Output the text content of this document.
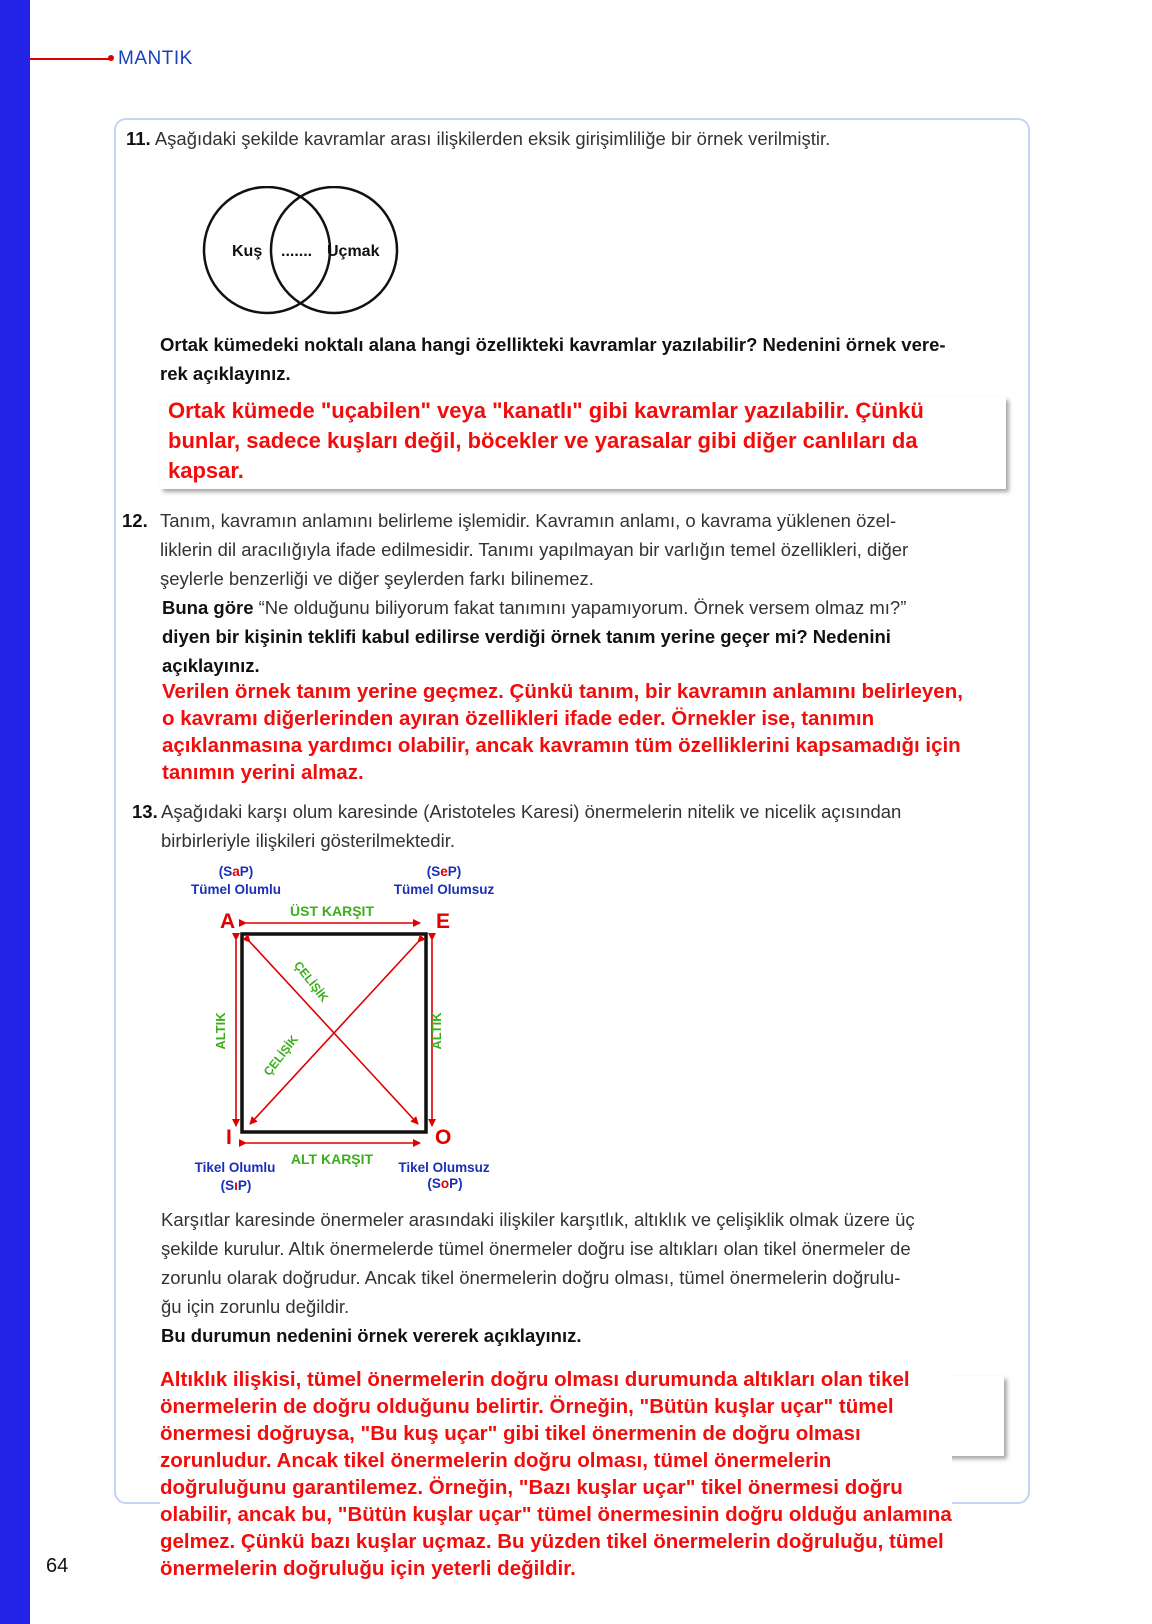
MANTIK
11. Aşağıdaki şekilde kavramlar arası ilişkilerden eksik girişimliliğe bir örnek verilmiştir.
Kuş ....... Uçmak
Ortak kümedeki noktalı alana hangi özellikteki kavramlar yazılabilir? Nedenini örnek vere-
rek açıklayınız.
Ortak kümede "uçabilen" veya "kanatlı" gibi kavramlar yazılabilir. Çünkü
bunlar, sadece kuşları değil, böcekler ve yarasalar gibi diğer canlıları da
kapsar.
12. Tanım, kavramın anlamını belirleme işlemidir. Kavramın anlamı, o kavrama yüklenen özel-
liklerin dil aracılığıyla ifade edilmesidir. Tanımı yapılmayan bir varlığın temel özellikleri, diğer
şeylerle benzerliği ve diğer şeylerden farkı bilinemez.
Buna göre “Ne olduğunu biliyorum fakat tanımını yapamıyorum. Örnek versem olmaz mı?”
diyen bir kişinin teklifi kabul edilirse verdiği örnek tanım yerine geçer mi? Nedenini
açıklayınız.
Verilen örnek tanım yerine geçmez. Çünkü tanım, bir kavramın anlamını belirleyen,
o kavramı diğerlerinden ayıran özellikleri ifade eder. Örnekler ise, tanımın
açıklanmasına yardımcı olabilir, ancak kavramın tüm özelliklerini kapsamadığı için
tanımın yerini almaz.
13. Aşağıdaki karşı olum karesinde (Aristoteles Karesi) önermelerin nitelik ve nicelik açısından
birbirleriyle ilişkileri gösterilmektedir.
(SaP)
Tümel Olumlu
(SeP)
Tümel Olumsuz
Tikel Olumlu
(SıP)
Tikel Olumsuz
(SoP)
A	E
I	O
ÜST KARŞIT
ALT KARŞIT
ALTIK	ALTIK
ÇELİŞİK
ÇELİŞİK
Karşıtlar karesinde önermeler arasındaki ilişkiler karşıtlık, altıklık ve çelişiklik olmak üzere üç
şekilde kurulur. Altık önermelerde tümel önermeler doğru ise altıkları olan tikel önermeler de
zorunlu olarak doğrudur. Ancak tikel önermelerin doğru olması, tümel önermelerin doğrulu-
ğu için zorunlu değildir.
Bu durumun nedenini örnek vererek açıklayınız.
Altıklık ilişkisi, tümel önermelerin doğru olması durumunda altıkları olan tikel
önermelerin de doğru olduğunu belirtir. Örneğin, "Bütün kuşlar uçar" tümel
önermesi doğruysa, "Bu kuş uçar" gibi tikel önermenin de doğru olması
zorunludur. Ancak tikel önermelerin doğru olması, tümel önermelerin
doğruluğunu garantilemez. Örneğin, "Bazı kuşlar uçar" tikel önermesi doğru
olabilir, ancak bu, "Bütün kuşlar uçar" tümel önermesinin doğru olduğu anlamına
gelmez. Çünkü bazı kuşlar uçmaz. Bu yüzden tikel önermelerin doğruluğu, tümel
önermelerin doğruluğu için yeterli değildir.
64
